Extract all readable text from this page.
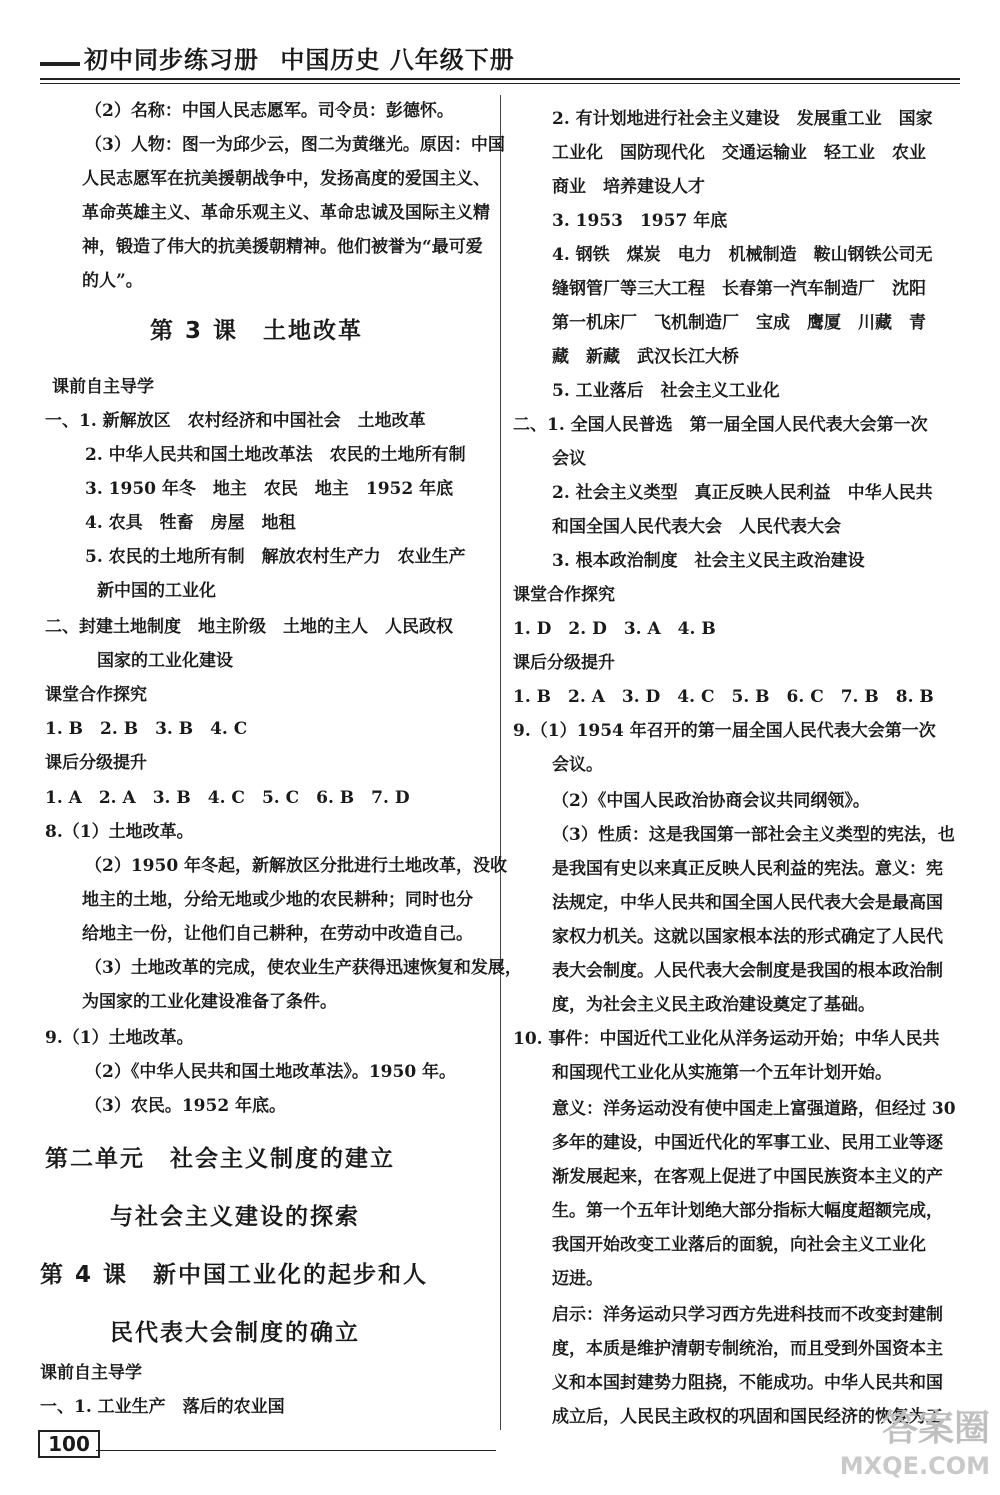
初中同步练习册 中国历史 八年级下册
（2）名称：中国人民志愿军。司令员：彭德怀。
（3）人物：图一为邱少云，图二为黄继光。原因：中国
人民志愿军在抗美援朝战争中，发扬高度的爱国主义、
革命英雄主义、革命乐观主义、革命忠诚及国际主义精
神，锻造了伟大的抗美援朝精神。他们被誉为“最可爱
的人”。
第 3 课　土地改革
课前自主导学
一、1. 新解放区　农村经济和中国社会　土地改革
2. 中华人民共和国土地改革法　农民的土地所有制
3. 1950 年冬　地主　农民　地主　1952 年底
4. 农具　牲畜　房屋　地租
5. 农民的土地所有制　解放农村生产力　农业生产
新中国的工业化
二、封建土地制度　地主阶级　土地的主人　人民政权
国家的工业化建设
课堂合作探究
1. B　2. B　3. B　4. C
课后分级提升
1. A　2. A　3. B　4. C　5. C　6. B　7. D
8.（1）土地改革。
（2）1950 年冬起，新解放区分批进行土地改革，没收
地主的土地，分给无地或少地的农民耕种；同时也分
给地主一份，让他们自己耕种，在劳动中改造自己。
（3）土地改革的完成，使农业生产获得迅速恢复和发展，
为国家的工业化建设准备了条件。
9.（1）土地改革。
（2）《中华人民共和国土地改革法》。1950 年。
（3）农民。1952 年底。
第二单元　社会主义制度的建立
与社会主义建设的探索
第 4 课　新中国工业化的起步和人
民代表大会制度的确立
课前自主导学
一、1. 工业生产　落后的农业国
2. 有计划地进行社会主义建设　发展重工业　国家
工业化　国防现代化　交通运输业　轻工业　农业
商业　培养建设人才
3. 1953　1957 年底
4. 钢铁　煤炭　电力　机械制造　鞍山钢铁公司无
缝钢管厂等三大工程　长春第一汽车制造厂　沈阳
第一机床厂　飞机制造厂　宝成　鹰厦　川藏　青
藏　新藏　武汉长江大桥
5. 工业落后　社会主义工业化
二、1. 全国人民普选　第一届全国人民代表大会第一次
会议
2. 社会主义类型　真正反映人民利益　中华人民共
和国全国人民代表大会　人民代表大会
3. 根本政治制度　社会主义民主政治建设
课堂合作探究
1. D　2. D　3. A　4. B
课后分级提升
1. B　2. A　3. D　4. C　5. B　6. C　7. B　8. B
9.（1）1954 年召开的第一届全国人民代表大会第一次
会议。
（2）《中国人民政治协商会议共同纲领》。
（3）性质：这是我国第一部社会主义类型的宪法，也
是我国有史以来真正反映人民利益的宪法。意义：宪
法规定，中华人民共和国全国人民代表大会是最高国
家权力机关。这就以国家根本法的形式确定了人民代
表大会制度。人民代表大会制度是我国的根本政治制
度，为社会主义民主政治建设奠定了基础。
10. 事件：中国近代工业化从洋务运动开始；中华人民共
和国现代工业化从实施第一个五年计划开始。
意义：洋务运动没有使中国走上富强道路，但经过 30
多年的建设，中国近代化的军事工业、民用工业等逐
渐发展起来，在客观上促进了中国民族资本主义的产
生。第一个五年计划绝大部分指标大幅度超额完成，
我国开始改变工业落后的面貌，向社会主义工业化
迈进。
启示：洋务运动只学习西方先进科技而不改变封建制
度，本质是维护清朝专制统治，而且受到外国资本主
义和本国封建势力阻挠，不能成功。中华人民共和国
成立后，人民民主政权的巩固和国民经济的恢复为工
100	答案圈
MXQE.COM
